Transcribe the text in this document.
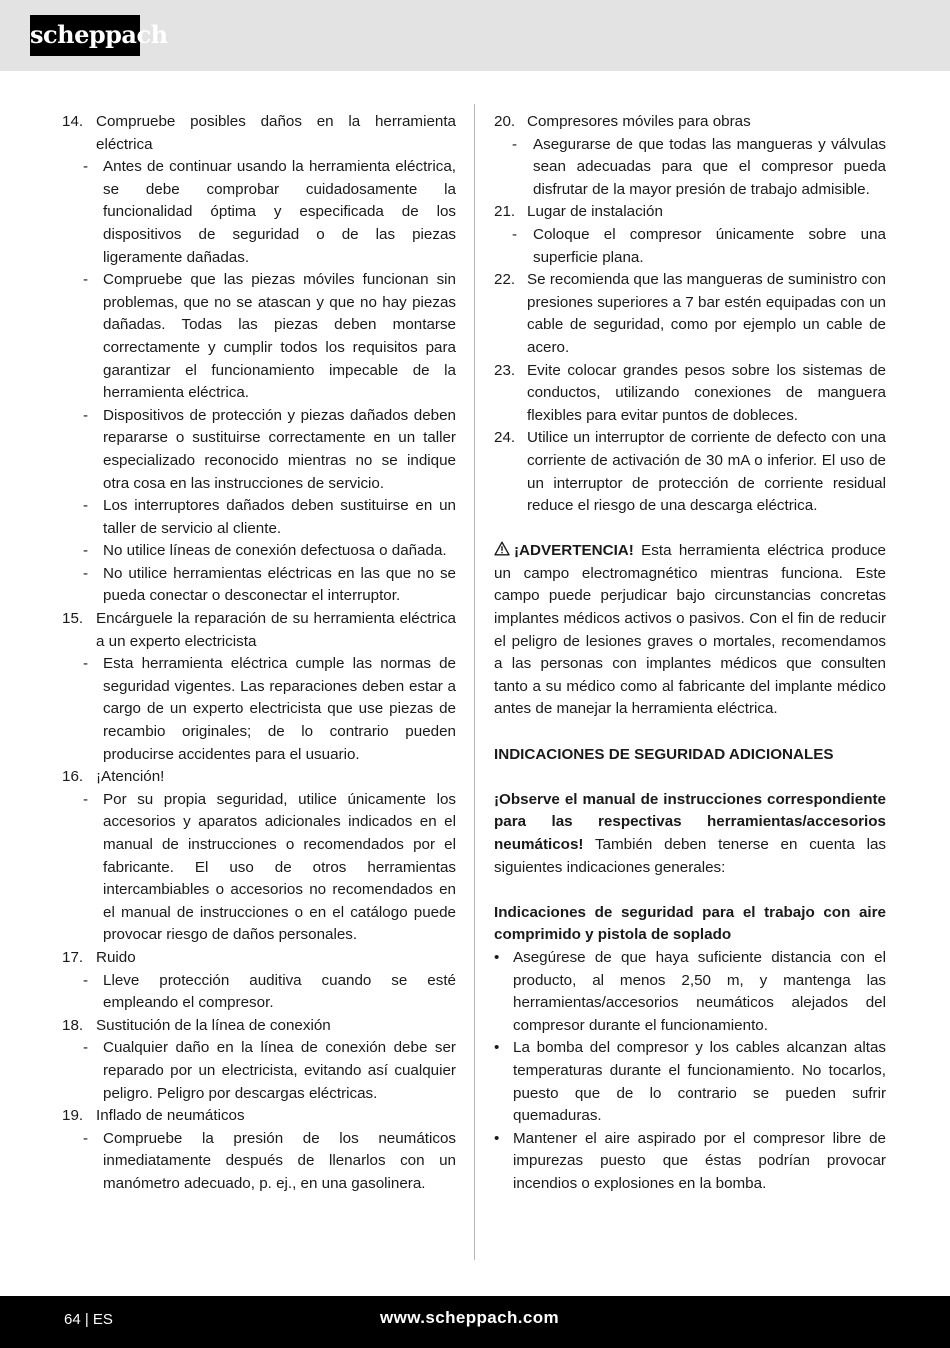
scheppach
14. Compruebe posibles daños en la herramienta eléctrica
- Antes de continuar usando la herramienta eléctrica, se debe comprobar cuidadosamente la funcionalidad óptima y especificada de los dispositivos de seguridad o de las piezas ligeramente dañadas.
- Compruebe que las piezas móviles funcionan sin problemas, que no se atascan y que no hay piezas dañadas. Todas las piezas deben montarse correctamente y cumplir todos los requisitos para garantizar el funcionamiento impecable de la herramienta eléctrica.
- Dispositivos de protección y piezas dañados deben repararse o sustituirse correctamente en un taller especializado reconocido mientras no se indique otra cosa en las instrucciones de servicio.
- Los interruptores dañados deben sustituirse en un taller de servicio al cliente.
- No utilice líneas de conexión defectuosa o dañada.
- No utilice herramientas eléctricas en las que no se pueda conectar o desconectar el interruptor.
15. Encárguele la reparación de su herramienta eléctrica a un experto electricista
- Esta herramienta eléctrica cumple las normas de seguridad vigentes. Las reparaciones deben estar a cargo de un experto electricista que use piezas de recambio originales; de lo contrario pueden producirse accidentes para el usuario.
16. ¡Atención!
- Por su propia seguridad, utilice únicamente los accesorios y aparatos adicionales indicados en el manual de instrucciones o recomendados por el fabricante. El uso de otros herramientas intercambiables o accesorios no recomendados en el manual de instrucciones o en el catálogo puede provocar riesgo de daños personales.
17. Ruido
- Lleve protección auditiva cuando se esté empleando el compresor.
18. Sustitución de la línea de conexión
- Cualquier daño en la línea de conexión debe ser reparado por un electricista, evitando así cualquier peligro. Peligro por descargas eléctricas.
19. Inflado de neumáticos
- Compruebe la presión de los neumáticos inmediatamente después de llenarlos con un manómetro adecuado, p. ej., en una gasolinera.
20. Compresores móviles para obras
-	Asegurarse de que todas las mangueras y válvulas sean adecuadas para que el compresor pueda disfrutar de la mayor presión de trabajo admisible.
21. Lugar de instalación
-	Coloque el compresor únicamente sobre una superficie plana.
22. Se recomienda que las mangueras de suministro con presiones superiores a 7 bar estén equipadas con un cable de seguridad, como por ejemplo un cable de acero.
23. Evite colocar grandes pesos sobre los sistemas de conductos, utilizando conexiones de manguera flexibles para evitar puntos de dobleces.
24. Utilice un interruptor de corriente de defecto con una corriente de activación de 30 mA o inferior. El uso de un interruptor de protección de corriente residual reduce el riesgo de una descarga eléctrica.
¡ADVERTENCIA! Esta herramienta eléctrica produce un campo electromagnético mientras funciona. Este campo puede perjudicar bajo circunstancias concretas implantes médicos activos o pasivos. Con el fin de reducir el peligro de lesiones graves o mortales, recomendamos a las personas con implantes médicos que consulten tanto a su médico como al fabricante del implante médico antes de manejar la herramienta eléctrica.
INDICACIONES DE SEGURIDAD ADICIONALES
¡Observe el manual de instrucciones correspondiente para las respectivas herramientas/accesorios neumáticos! También deben tenerse en cuenta las siguientes indicaciones generales:
Indicaciones de seguridad para el trabajo con aire comprimido y pistola de soplado
• Asegúrese de que haya suficiente distancia con el producto, al menos 2,50 m, y mantenga las herramientas/accesorios neumáticos alejados del compresor durante el funcionamiento.
• La bomba del compresor y los cables alcanzan altas temperaturas durante el funcionamiento. No tocarlos, puesto que de lo contrario se pueden sufrir quemaduras.
• Mantener el aire aspirado por el compresor libre de impurezas puesto que éstas podrían provocar incendios o explosiones en la bomba.
64 | ES	www.scheppach.com
